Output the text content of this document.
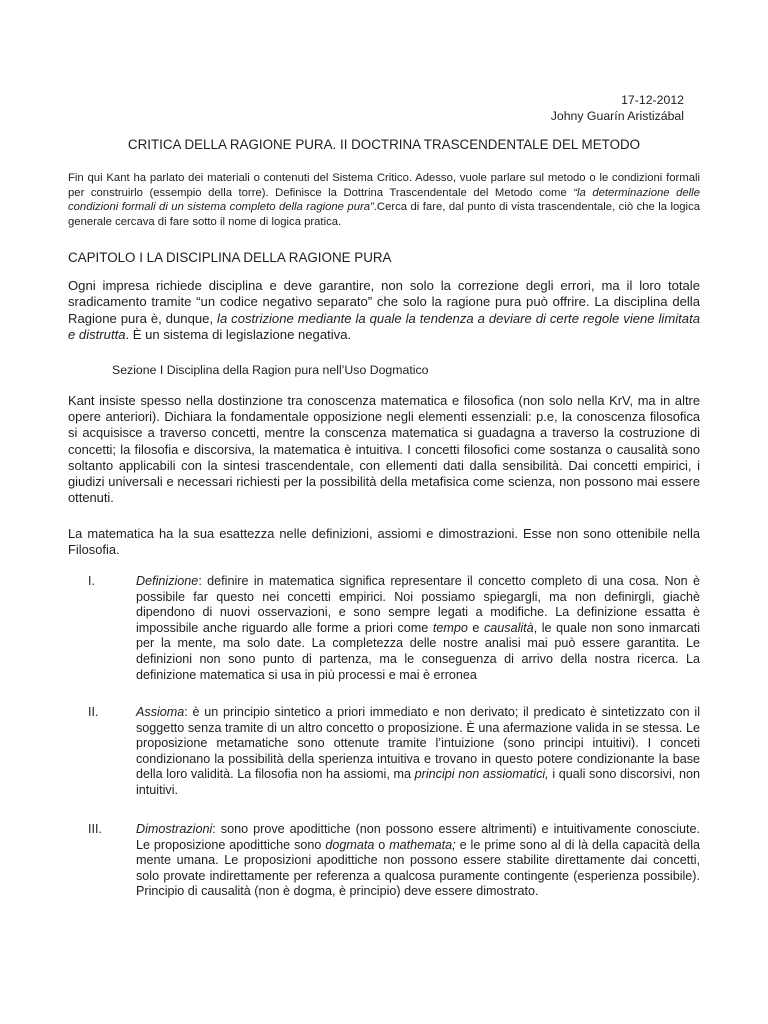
17-12-2012
Johny Guarín Aristizábal
CRITICA DELLA RAGIONE PURA. II DOCTRINA TRASCENDENTALE DEL METODO

Fin qui Kant ha parlato dei materiali o contenuti del Sistema Critico. Adesso, vuole parlare sul metodo o le condizioni formali per construirlo (essempio della torre). Definisce la Dottrina Trascendentale del Metodo come “la determinazione delle condizioni formali di un sistema completo della ragione pura”.Cerca di fare, dal punto di vista trascendentale, ciò che la logica generale cercava di fare sotto il nome di logica pratica.

CAPITOLO I LA DISCIPLINA DELLA RAGIONE PURA

Ogni impresa richiede disciplina e deve garantire, non solo la correzione degli errori, ma il loro totale sradicamento tramite “un codice negativo separato” che solo la ragione pura può offrire. La disciplina della Ragione pura è, dunque, la costrizione mediante la quale la tendenza a deviare di certe regole viene limitata e distrutta. È un sistema di legislazione negativa.

Sezione I Disciplina della Ragion pura nell’Uso Dogmatico

Kant insiste spesso nella dostinzione tra conoscenza matematica e filosofica (non solo nella KrV, ma in altre opere anteriori). Dichiara la fondamentale opposizione negli elementi essenziali: p.e, la conoscenza filosofica si acquisisce a traverso concetti, mentre la conscenza matematica si guadagna a traverso la costruzione di concetti; la filosofia e discorsiva, la matematica è intuitiva. I concetti filosofici come sostanza o causalità sono soltanto applicabili con la sintesi trascendentale, con ellementi dati dalla sensibilità. Dai concetti empirici, i giudizi universali e necessari richiesti per la possibilità della metafisica come scienza, non possono mai essere ottenuti.

La matematica ha la sua esattezza nelle definizioni, assiomi e dimostrazioni. Esse non sono ottenibile nella Filosofia.

I.	Definizione: definire in matematica significa representare il concetto completo di una cosa. Non è possibile far questo nei concetti empirici. Noi possiamo spiegargli, ma non definirgli, giachè dipendono di nuovi osservazioni, e sono sempre legati a modifiche. La definizione essatta è impossibile anche riguardo alle forme a priori come tempo e causalità, le quale non sono inmarcati per la mente, ma solo date. La completezza delle nostre analisi mai può essere garantita. Le definizioni non sono punto di partenza, ma le conseguenza di arrivo della nostra ricerca. La definizione matematica si usa in più processi e mai è erronea
II.	Assioma: è un principio sintetico a priori immediato e non derivato; il predicato è sintetizzato con il soggetto senza tramite di un altro concetto o proposizione. È una afermazione valida in se stessa. Le proposizione metamatiche sono ottenute tramite l’intuizione (sono principi intuitivi). I conceti condizionano la possibilità della sperienza intuitiva e trovano in questo potere condizionante la base della loro validità. La filosofia non ha assiomi, ma principi non assiomatici, i quali sono discorsivi, non intuitivi.
III.	Dimostrazioni: sono prove apodittiche (non possono essere altrimenti) e intuitivamente conosciute. Le proposizione apodittiche sono dogmata o mathemata; e le prime sono al di là della capacità della mente umana. Le proposizioni apodittiche non possono essere stabilite direttamente dai concetti, solo provate indirettamente per referenza a qualcosa puramente contingente (esperienza possibile). Principio di causalità (non è dogma, è principio) deve essere dimostrato.
